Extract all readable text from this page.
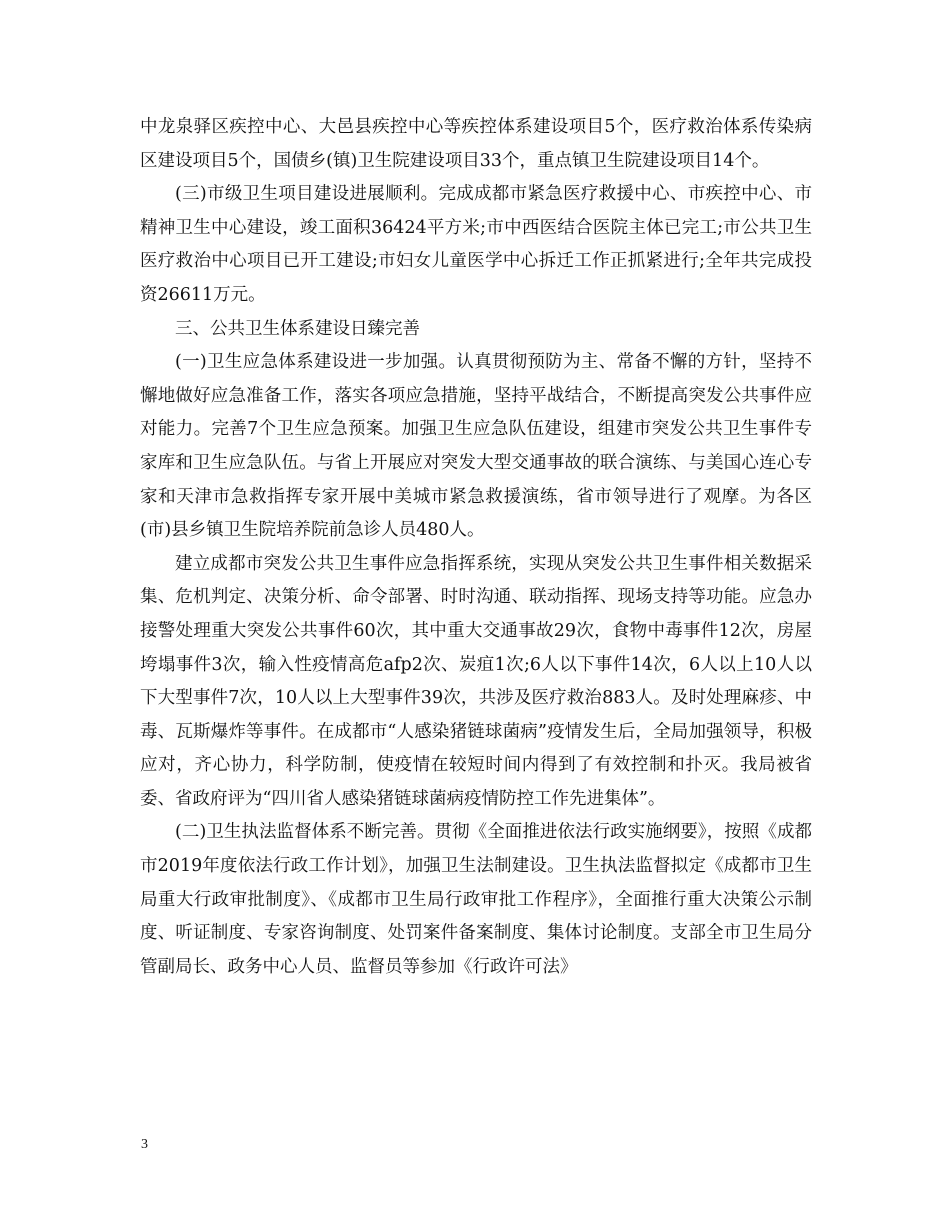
中龙泉驿区疾控中心、大邑县疾控中心等疾控体系建设项目5个，医疗救治体系传染病区建设项目5个，国债乡(镇)卫生院建设项目33个，重点镇卫生院建设项目14个。

(三)市级卫生项目建设进展顺利。完成成都市紧急医疗救援中心、市疾控中心、市精神卫生中心建设，竣工面积36424平方米;市中西医结合医院主体已完工;市公共卫生医疗救治中心项目已开工建设;市妇女儿童医学中心拆迁工作正抓紧进行;全年共完成投资26611万元。

三、公共卫生体系建设日臻完善

(一)卫生应急体系建设进一步加强。认真贯彻预防为主、常备不懈的方针，坚持不懈地做好应急准备工作，落实各项应急措施，坚持平战结合，不断提高突发公共事件应对能力。完善7个卫生应急预案。加强卫生应急队伍建设，组建市突发公共卫生事件专家库和卫生应急队伍。与省上开展应对突发大型交通事故的联合演练、与美国心连心专家和天津市急救指挥专家开展中美城市紧急救援演练，省市领导进行了观摩。为各区(市)县乡镇卫生院培养院前急诊人员480人。

建立成都市突发公共卫生事件应急指挥系统，实现从突发公共卫生事件相关数据采集、危机判定、决策分析、命令部署、时时沟通、联动指挥、现场支持等功能。应急办接警处理重大突发公共事件60次，其中重大交通事故29次，食物中毒事件12次，房屋垮塌事件3次，输入性疫情高危afp2次、炭疽1次;6人以下事件14次，6人以上10人以下大型事件7次，10人以上大型事件39次，共涉及医疗救治883人。及时处理麻疹、中毒、瓦斯爆炸等事件。在成都市“人感染猪链球菌病”疫情发生后，全局加强领导，积极应对，齐心协力，科学防制，使疫情在较短时间内得到了有效控制和扑灭。我局被省委、省政府评为“四川省人感染猪链球菌病疫情防控工作先进集体”。

(二)卫生执法监督体系不断完善。贯彻《全面推进依法行政实施纲要》，按照《成都市2019年度依法行政工作计划》，加强卫生法制建设。卫生执法监督拟定《成都市卫生局重大行政审批制度》、《成都市卫生局行政审批工作程序》，全面推行重大决策公示制度、听证制度、专家咨询制度、处罚案件备案制度、集体讨论制度。支部全市卫生局分管副局长、政务中心人员、监督员等参加《行政许可法》

3
